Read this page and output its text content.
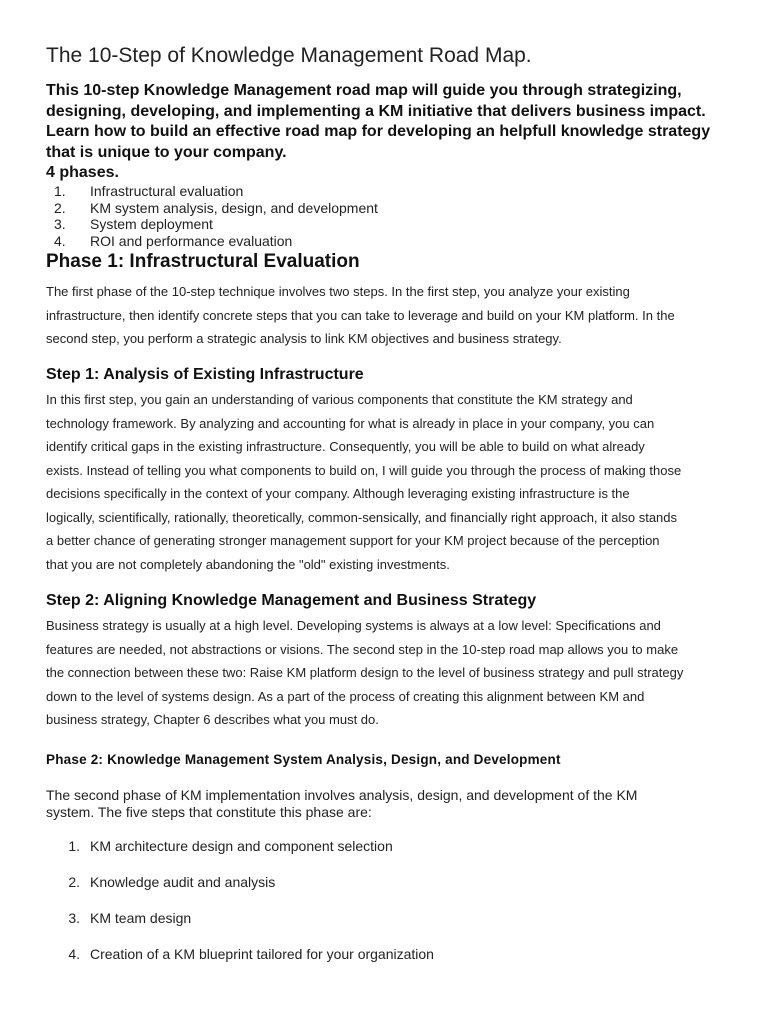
The 10-Step of Knowledge Management Road Map.

This 10-step Knowledge Management road map will guide you through strategizing,

designing, developing, and implementing a KM initiative that delivers business impact.

Learn how to build an effective road map for developing an helpfull knowledge strategy

that is unique to your company.

4 phases.

1.	Infrastructural evaluation
2.	KM system analysis, design, and development
3.	System deployment
4.	ROI and performance evaluation
Phase 1: Infrastructural Evaluation
The first phase of the 10-step technique involves two steps. In the first step, you analyze your existing
infrastructure, then identify concrete steps that you can take to leverage and build on your KM platform. In the
second step, you perform a strategic analysis to link KM objectives and business strategy.
Step 1: Analysis of Existing Infrastructure
In this first step, you gain an understanding of various components that constitute the KM strategy and
technology framework. By analyzing and accounting for what is already in place in your company, you can
identify critical gaps in the existing infrastructure. Consequently, you will be able to build on what already
exists. Instead of telling you what components to build on, I will guide you through the process of making those
decisions specifically in the context of your company. Although leveraging existing infrastructure is the
logically, scientifically, rationally, theoretically, common-sensically, and financially right approach, it also stands
a better chance of generating stronger management support for your KM project because of the perception
that you are not completely abandoning the "old" existing investments.
Step 2: Aligning Knowledge Management and Business Strategy
Business strategy is usually at a high level. Developing systems is always at a low level: Specifications and
features are needed, not abstractions or visions. The second step in the 10-step road map allows you to make
the connection between these two: Raise KM platform design to the level of business strategy and pull strategy
down to the level of systems design. As a part of the process of creating this alignment between KM and
business strategy, Chapter 6 describes what you must do.
Phase 2: Knowledge Management System Analysis, Design, and Development
The second phase of KM implementation involves analysis, design, and development of the KM
system. The five steps that constitute this phase are:
1. KM architecture design and component selection
2. Knowledge audit and analysis
3. KM team design
4. Creation of a KM blueprint tailored for your organization
